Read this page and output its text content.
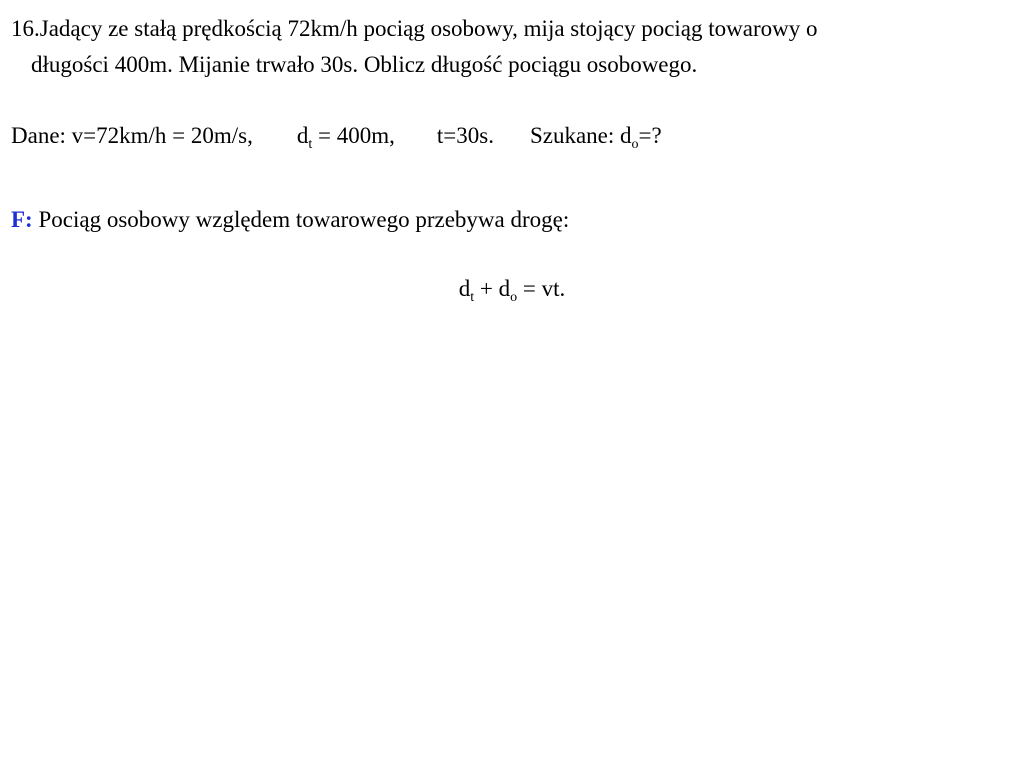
16.Jadący ze stałą prędkością 72km/h pociąg osobowy, mija stojący pociąg towarowy o
długości 400m. Mijanie trwało 30s. Oblicz długość pociągu osobowego.
Dane: v=72km/h = 20m/s, $d_t = 400m$, t=30s. Szukane: $d_o=$?
F: Pociąg osobowy względem towarowego przebywa drogę:
$d_t + d_o$ = vt.
